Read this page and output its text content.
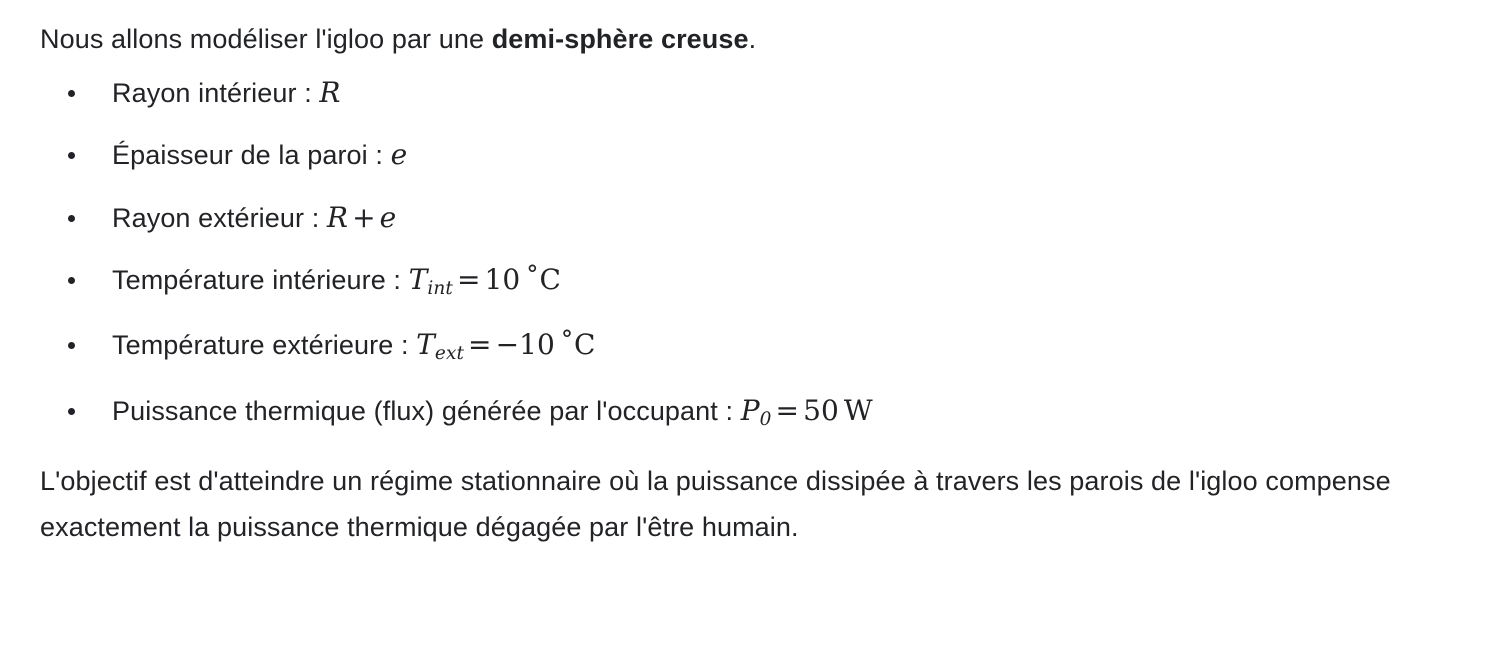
Nous allons modéliser l'igloo par une demi-sphère creuse.

Rayon intérieur : R
Épaisseur de la paroi : e
Rayon extérieur : R + e
Température intérieure : $T_{int} = 10$ ˚C
Température extérieure : $T_{ext} = -10$ ˚C
Puissance thermique (flux) générée par l'occupant : $P_0 = 50$ W

L'objectif est d'atteindre un régime stationnaire où la puissance dissipée à travers les parois de l'igloo compense exactement la puissance thermique dégagée par l'être humain.
